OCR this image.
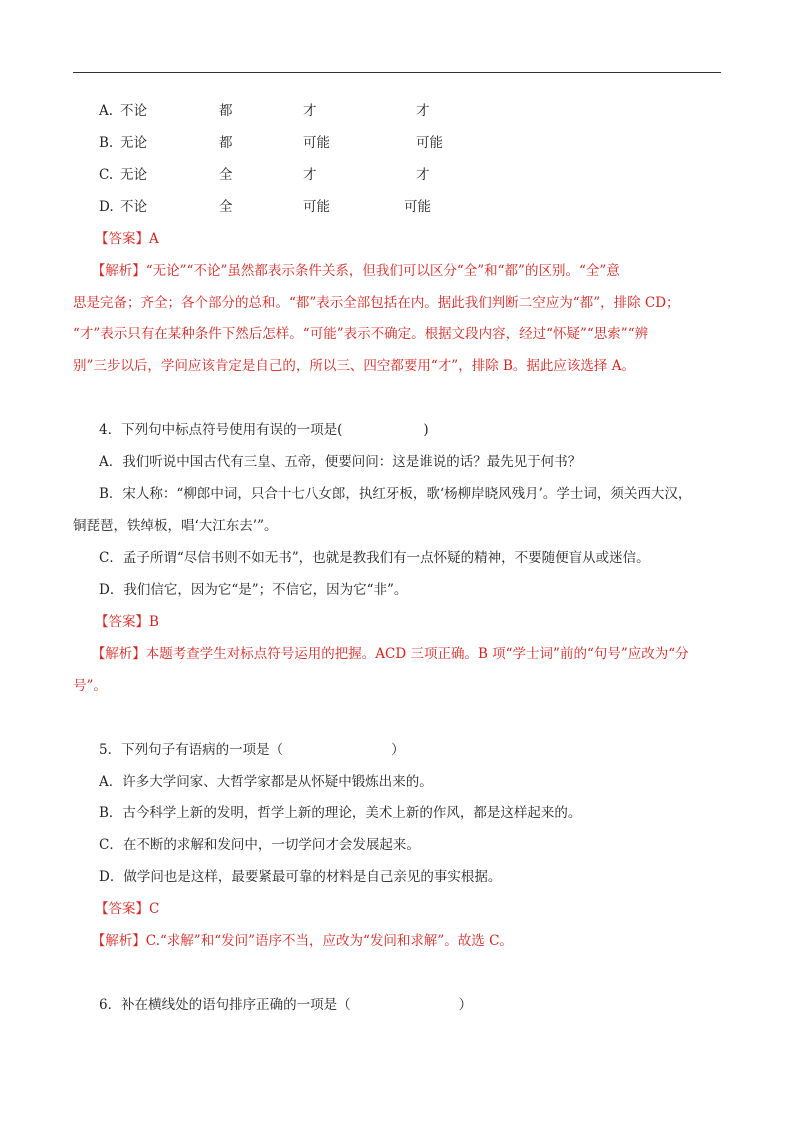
A. 不论	都	才	才
B. 无论	都	可能	可能
C. 无论	全	才	才
D. 不论	全	可能	可能
【答案】A
　【解析】“无论”“不论”虽然都表示条件关系，但我们可以区分“全”和“都”的区别。“全”意
思是完备；齐全；各个部分的总和。“都”表示全部包括在内。据此我们判断二空应为“都”，排除 CD；
“才”表示只有在某种条件下然后怎样。“可能”表示不确定。根据文段内容，经过“怀疑”“思索”“辨
别”三步以后，学问应该肯定是自己的，所以三、四空都要用“才”，排除 B。据此应该选择 A。
4．下列句中标点符号使用有误的一项是(　　　　　　)
A．我们听说中国古代有三皇、五帝，便要问问：这是谁说的话？最先见于何书？
B．宋人称：“柳郎中词，只合十七八女郎，执红牙板，歌‘杨柳岸晓风残月’。学士词，须关西大汉，
铜琵琶，铁绰板，唱‘大江东去’”。
C．孟子所谓“尽信书则不如无书”，也就是教我们有一点怀疑的精神，不要随便盲从或迷信。
D．我们信它，因为它“是”；不信它，因为它“非”。
【答案】B
　【解析】本题考查学生对标点符号运用的把握。ACD 三项正确。B 项“学士词”前的“句号”应改为“分
号”。
5．下列句子有语病的一项是（　　　　　　　　）
A．许多大学问家、大哲学家都是从怀疑中锻炼出来的。
B．古今科学上新的发明，哲学上新的理论，美术上新的作风，都是这样起来的。
C．在不断的求解和发问中，一切学问才会发展起来。
D．做学问也是这样，最要紧最可靠的材料是自己亲见的事实根据。
【答案】C
　【解析】C.“求解”和“发问”语序不当，应改为“发问和求解”。故选 C。
6．补在横线处的语句排序正确的一项是（　　　　　　　　）
